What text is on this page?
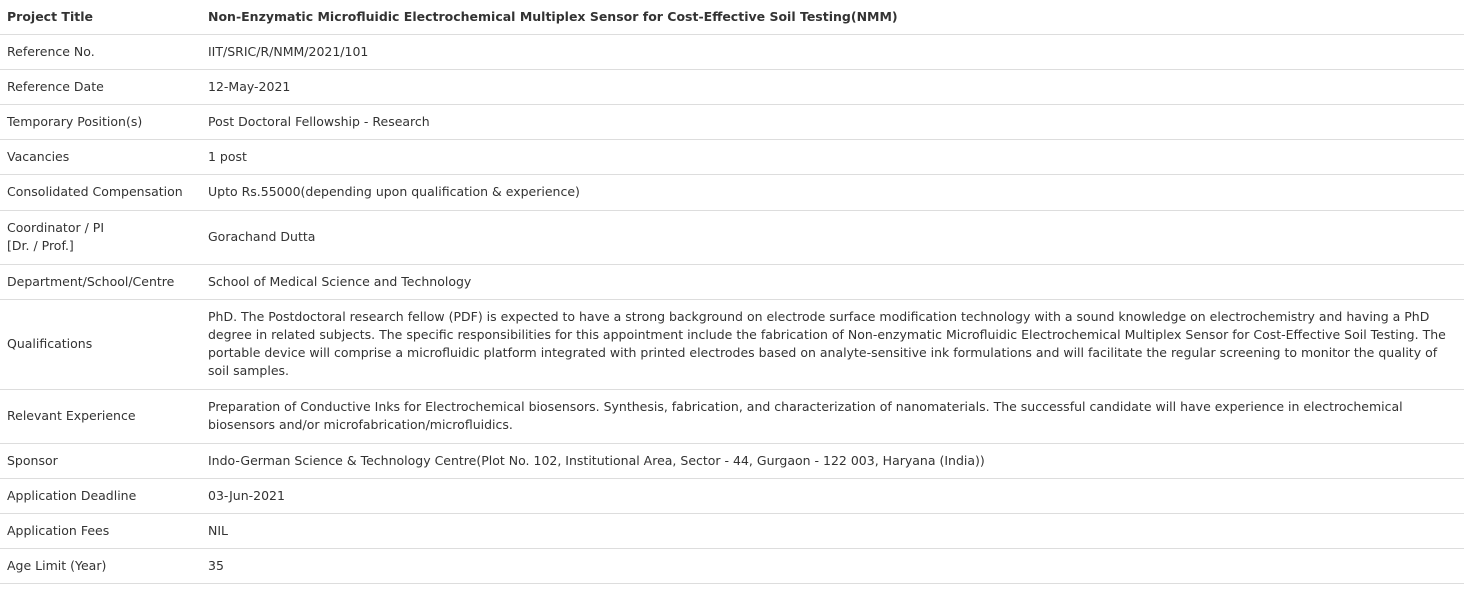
Project Title	Non-Enzymatic Microfluidic Electrochemical Multiplex Sensor for Cost-Effective Soil Testing(NMM)
Reference No.	IIT/SRIC/R/NMM/2021/101
Reference Date	12-May-2021
Temporary Position(s)	Post Doctoral Fellowship - Research
Vacancies	1 post
Consolidated Compensation	Upto Rs.55000(depending upon qualification & experience)
Coordinator / PI
[Dr. / Prof.]	Gorachand Dutta
Department/School/Centre	School of Medical Science and Technology
Qualifications	PhD. The Postdoctoral research fellow (PDF) is expected to have a strong background on electrode surface modification technology with a sound knowledge on electrochemistry and having a PhD degree in related subjects. The specific responsibilities for this appointment include the fabrication of Non-enzymatic Microfluidic Electrochemical Multiplex Sensor for Cost-Effective Soil Testing. The portable device will comprise a microfluidic platform integrated with printed electrodes based on analyte-sensitive ink formulations and will facilitate the regular screening to monitor the quality of soil samples.
Relevant Experience	Preparation of Conductive Inks for Electrochemical biosensors. Synthesis, fabrication, and characterization of nanomaterials. The successful candidate will have experience in electrochemical biosensors and/or microfabrication/microfluidics.
Sponsor	Indo-German Science & Technology Centre(Plot No. 102, Institutional Area, Sector - 44, Gurgaon - 122 003, Haryana (India))
Application Deadline	03-Jun-2021
Application Fees	NIL
Age Limit (Year)	35
